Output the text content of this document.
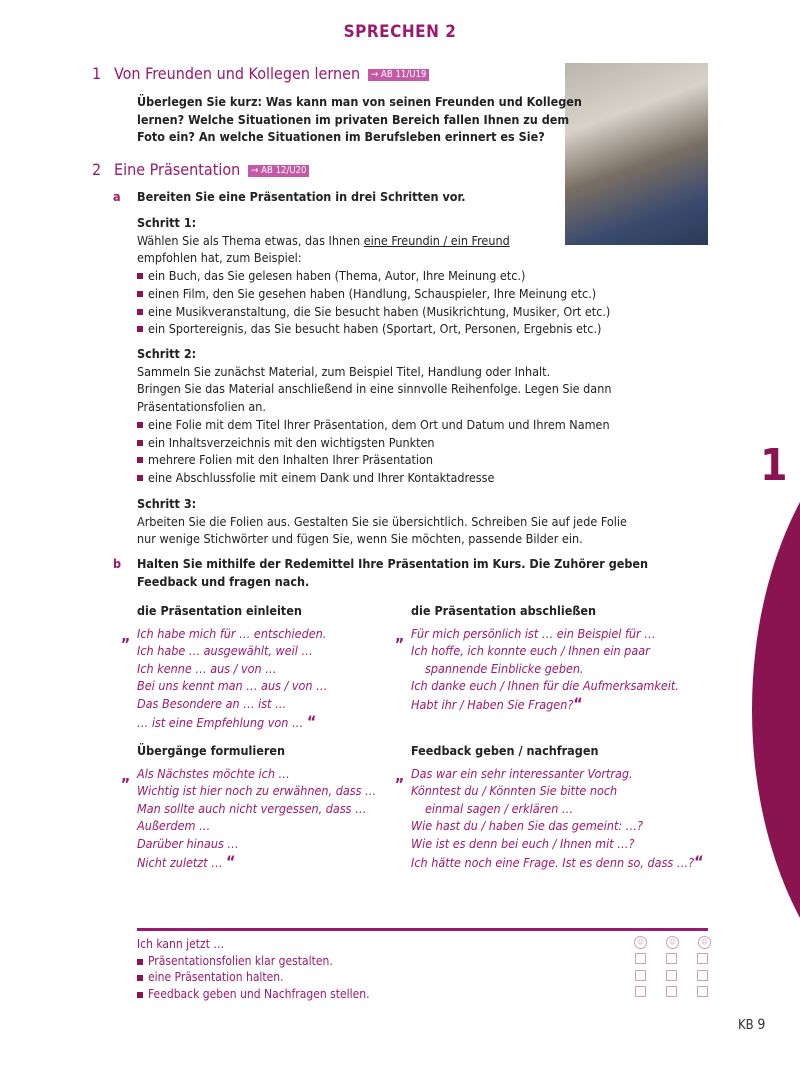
SPRECHEN 2
1
1 Von Freunden und Kollegen lernen → AB 11/Ü19
Überlegen Sie kurz: Was kann man von seinen Freunden und Kollegen
lernen? Welche Situationen im privaten Bereich fallen Ihnen zu dem
Foto ein? An welche Situationen im Berufsleben erinnert es Sie?
2 Eine Präsentation → AB 12/Ü20
a Bereiten Sie eine Präsentation in drei Schritten vor.
Schritt 1:
Wählen Sie als Thema etwas, das Ihnen eine Freundin / ein Freund
empfohlen hat, zum Beispiel:
ein Buch, das Sie gelesen haben (Thema, Autor, Ihre Meinung etc.)
einen Film, den Sie gesehen haben (Handlung, Schauspieler, Ihre Meinung etc.)
eine Musikveranstaltung, die Sie besucht haben (Musikrichtung, Musiker, Ort etc.)
ein Sportereignis, das Sie besucht haben (Sportart, Ort, Personen, Ergebnis etc.)
Schritt 2:
Sammeln Sie zunächst Material, zum Beispiel Titel, Handlung oder Inhalt.
Bringen Sie das Material anschließend in eine sinnvolle Reihenfolge. Legen Sie dann
Präsentationsfolien an.
eine Folie mit dem Titel Ihrer Präsentation, dem Ort und Datum und Ihrem Namen
ein Inhaltsverzeichnis mit den wichtigsten Punkten
mehrere Folien mit den Inhalten Ihrer Präsentation
eine Abschlussfolie mit einem Dank und Ihrer Kontaktadresse
Schritt 3:
Arbeiten Sie die Folien aus. Gestalten Sie sie übersichtlich. Schreiben Sie auf jede Folie
nur wenige Stichwörter und fügen Sie, wenn Sie möchten, passende Bilder ein.
b Halten Sie mithilfe der Redemittel Ihre Präsentation im Kurs. Die Zuhörer geben
Feedback und fragen nach.
die Präsentation einleiten
„ Ich habe mich für … entschieden.
Ich habe … ausgewählt, weil …
Ich kenne … aus / von …
Bei uns kennt man … aus / von …
Das Besondere an … ist …
… ist eine Empfehlung von … “
die Präsentation abschließen
„ Für mich persönlich ist … ein Beispiel für …
Ich hoffe, ich konnte euch / Ihnen ein paar
spannende Einblicke geben.
Ich danke euch / Ihnen für die Aufmerksamkeit.
Habt ihr / Haben Sie Fragen?“
Übergänge formulieren
„ Als Nächstes möchte ich …
Wichtig ist hier noch zu erwähnen, dass …
Man sollte auch nicht vergessen, dass …
Außerdem …
Darüber hinaus …
Nicht zuletzt … “
Feedback geben / nachfragen
„ Das war ein sehr interessanter Vortrag.
Könntest du / Könnten Sie bitte noch
einmal sagen / erklären …
Wie hast du / haben Sie das gemeint: …?
Wie ist es denn bei euch / Ihnen mit …?
Ich hätte noch eine Frage. Ist es denn so, dass …?“
Ich kann jetzt …
Präsentationsfolien klar gestalten.
eine Präsentation halten.
Feedback geben und Nachfragen stellen.
☺	☺	☹
KB 9
